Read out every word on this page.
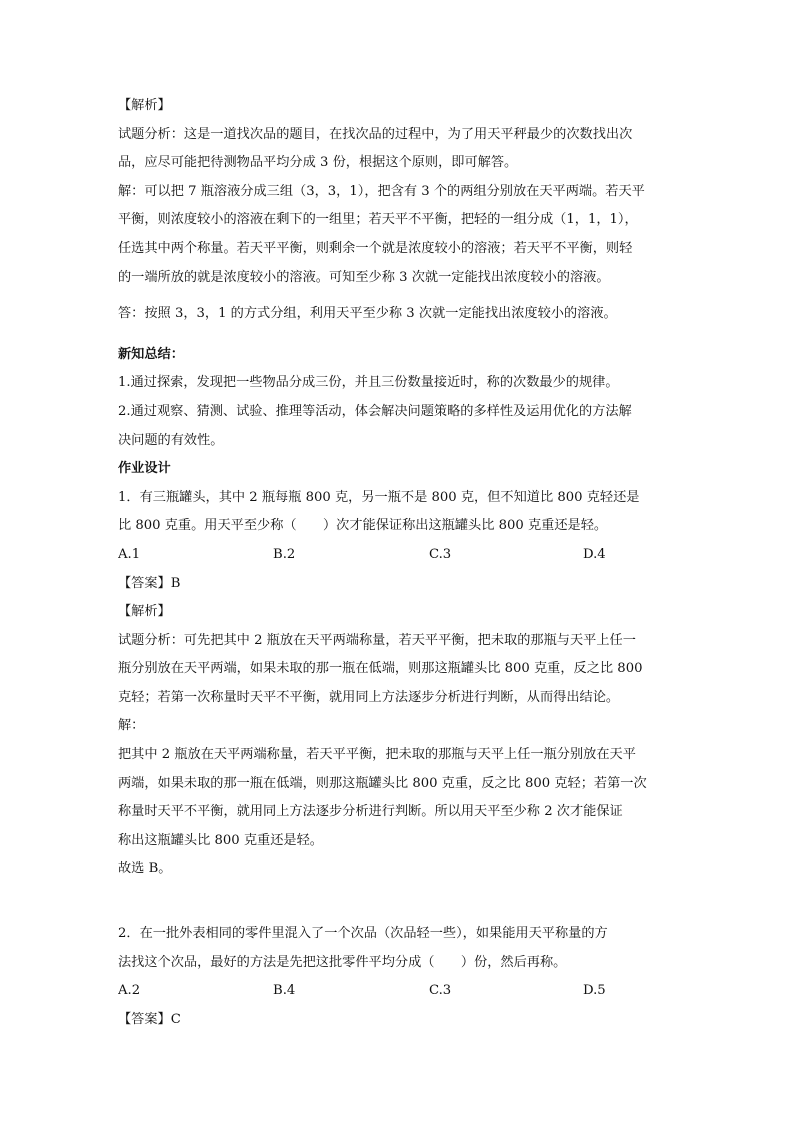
【解析】
试题分析：这是一道找次品的题目，在找次品的过程中，为了用天平秤最少的次数找出次
品，应尽可能把待测物品平均分成 3 份，根据这个原则，即可解答。
解：可以把 7 瓶溶液分成三组（3，3，1），把含有 3 个的两组分别放在天平两端。若天平
平衡，则浓度较小的溶液在剩下的一组里；若天平不平衡，把轻的一组分成（1，1，1），
任选其中两个称量。若天平平衡，则剩余一个就是浓度较小的溶液；若天平不平衡，则轻
的一端所放的就是浓度较小的溶液。可知至少称 3 次就一定能找出浓度较小的溶液。
答：按照 3，3，1 的方式分组，利用天平至少称 3 次就一定能找出浓度较小的溶液。
新知总结：
1.通过探索，发现把一些物品分成三份，并且三份数量接近时，称的次数最少的规律。
2.通过观察、猜测、试验、推理等活动，体会解决问题策略的多样性及运用优化的方法解
决问题的有效性。
作业设计
1．有三瓶罐头，其中 2 瓶每瓶 800 克，另一瓶不是 800 克，但不知道比 800 克轻还是
比 800 克重。用天平至少称（　　）次才能保证称出这瓶罐头比 800 克重还是轻。
A.1	B.2	C.3	D.4
【答案】B
【解析】
试题分析：可先把其中 2 瓶放在天平两端称量，若天平平衡，把未取的那瓶与天平上任一
瓶分别放在天平两端，如果未取的那一瓶在低端，则那这瓶罐头比 800 克重，反之比 800
克轻；若第一次称量时天平不平衡，就用同上方法逐步分析进行判断，从而得出结论。
解：
把其中 2 瓶放在天平两端称量，若天平平衡，把未取的那瓶与天平上任一瓶分别放在天平
两端，如果未取的那一瓶在低端，则那这瓶罐头比 800 克重，反之比 800 克轻；若第一次
称量时天平不平衡，就用同上方法逐步分析进行判断。所以用天平至少称 2 次才能保证
称出这瓶罐头比 800 克重还是轻。
故选 B。
2．在一批外表相同的零件里混入了一个次品（次品轻一些），如果能用天平称量的方
法找这个次品，最好的方法是先把这批零件平均分成（　　）份，然后再称。
A.2	B.4	C.3	D.5
【答案】C
